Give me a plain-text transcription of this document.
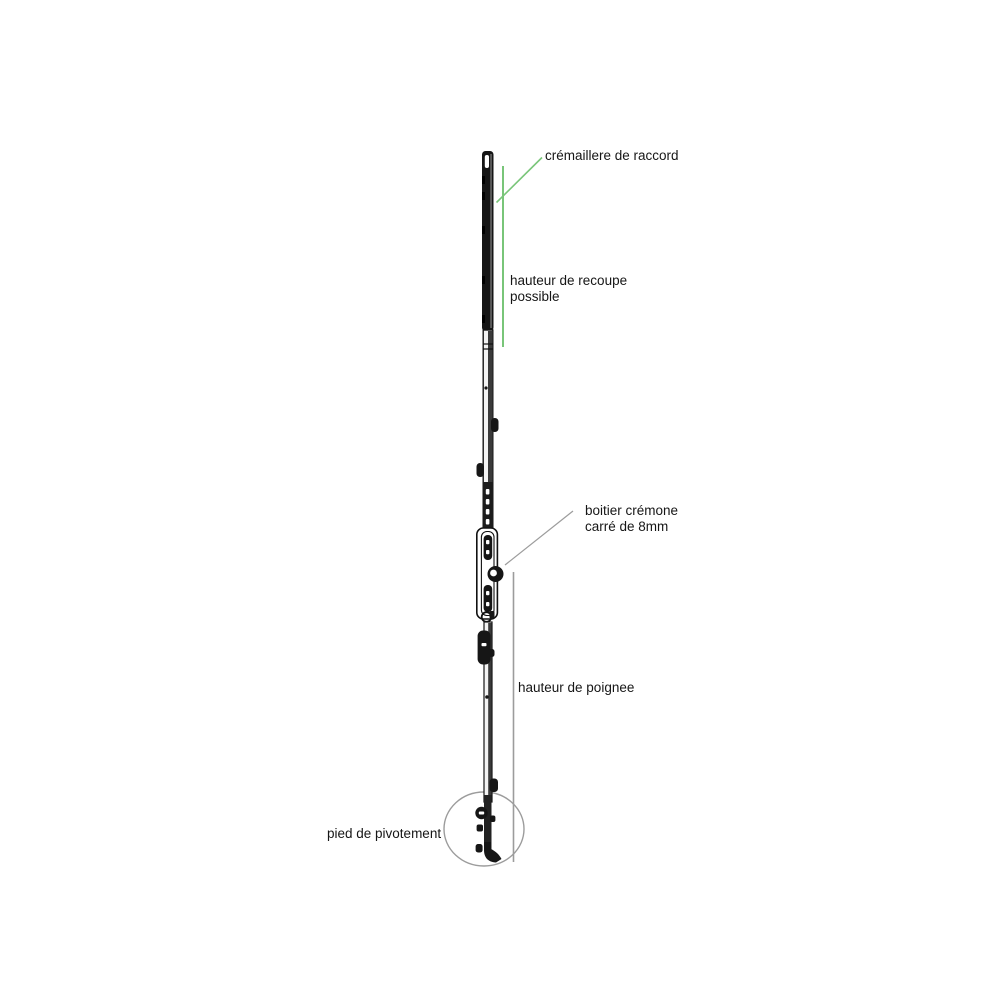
crémaillere de raccord
hauteur de recoupe
possible
boitier crémone
carré de 8mm
hauteur de poignee
pied de pivotement
